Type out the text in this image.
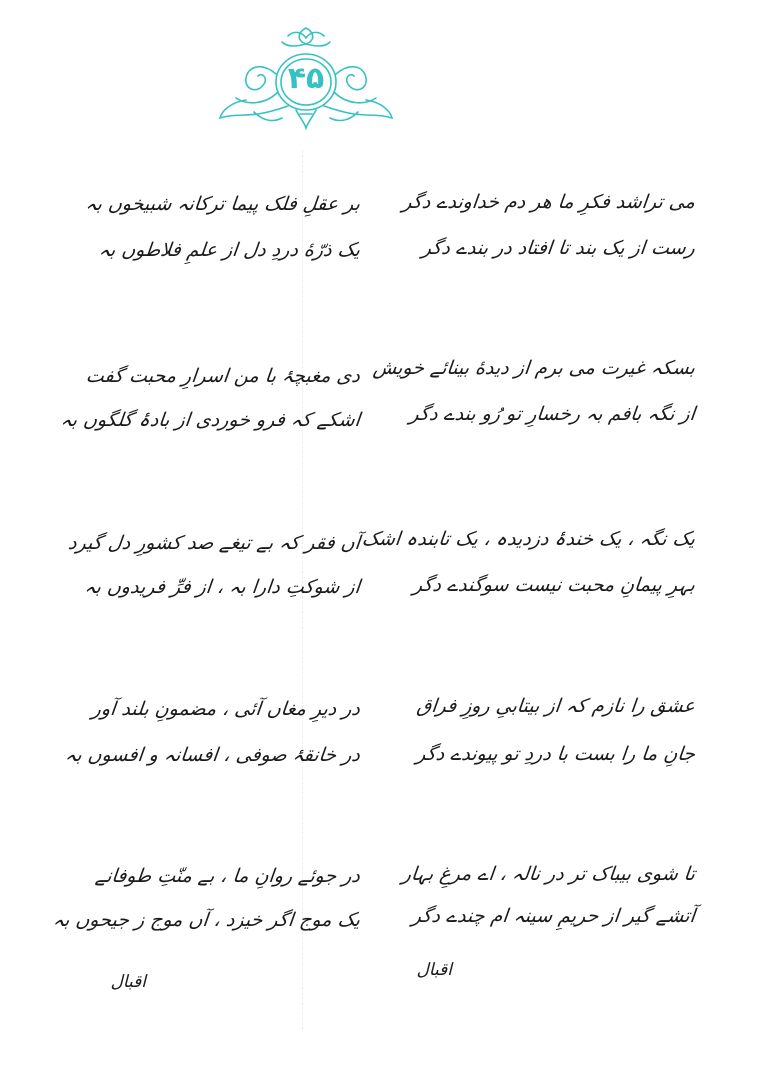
۴۵
می تراشد فکرِ ما هر دم خداوندے دگر
رست از یک بند تا افتاد در بندے دگر
بر عقلِ فلک پیما ترکانہ شبیخوں بہ
یک ذرّهٔ دردِ دل از علمِ فلاطوں بہ
بسکہ غیرت می برم از دیدهٔ بینائے خویش
از نگہ بافم بہ رخسارِ تو رُو بندے دگر
دی مغبچۂ با من اسرارِ محبت گفت
اشکے کہ فرو خوردی از بادۂ گلگوں بہ
یک نگہ ، یک خندۂ دزدیدہ ، یک تابندہ اشک
بہرِ پیمانِ محبت نیست سوگندے دگر
آں فقر کہ بے تیغے صد کشورِ دل گیرد
از شوکتِ دارا بہ ، از فرِّ فریدوں بہ
عشق را نازم کہ از بیتابیِ روزِ فراق
جانِ ما را بست با دردِ تو پیوندے دگر
در دیرِ مغاں آئی ، مضمونِ بلند آور
در خانقۂ صوفی ، افسانہ و افسوں بہ
تا شوی بیباک تر در نالہ ، اے مرغِ بہار
آتشے گیر از حریمِ سینہ ام چندے دگر
در جوئے روانِ ما ، بے منّتِ طوفانے
یک موج اگر خیزد ، آں موج ز جیحوں بہ
اقبال
اقبال
